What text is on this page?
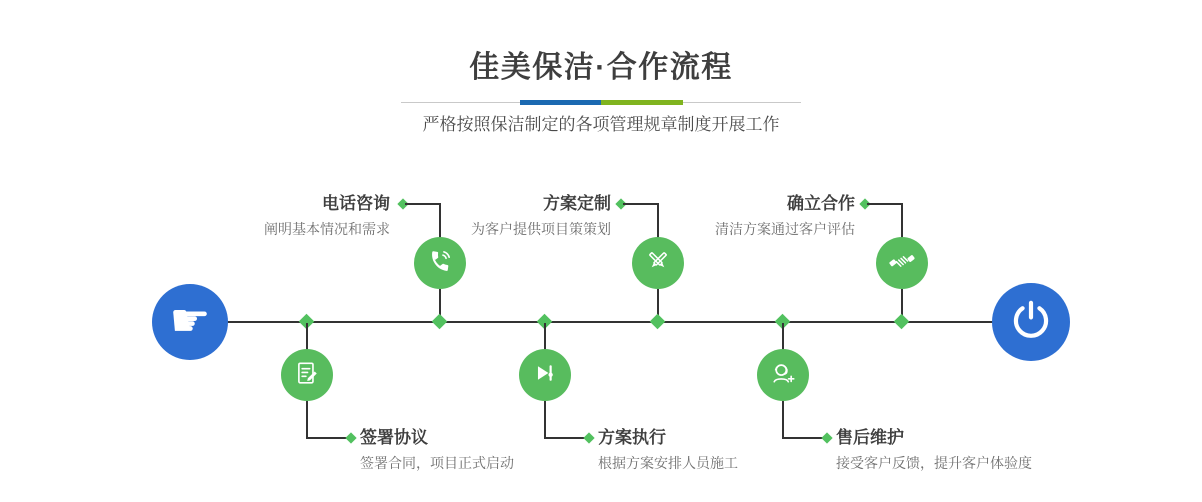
佳美保洁·合作流程
严格按照保洁制定的各项管理规章制度开展工作
☛
电话咨询
阐明基本情况和需求
签署协议
签署合同，项目正式启动
方案定制
为客户提供项目策策划
方案执行
根据方案安排人员施工
确立合作
清洁方案通过客户评估
售后维护
接受客户反馈，提升客户体验度
